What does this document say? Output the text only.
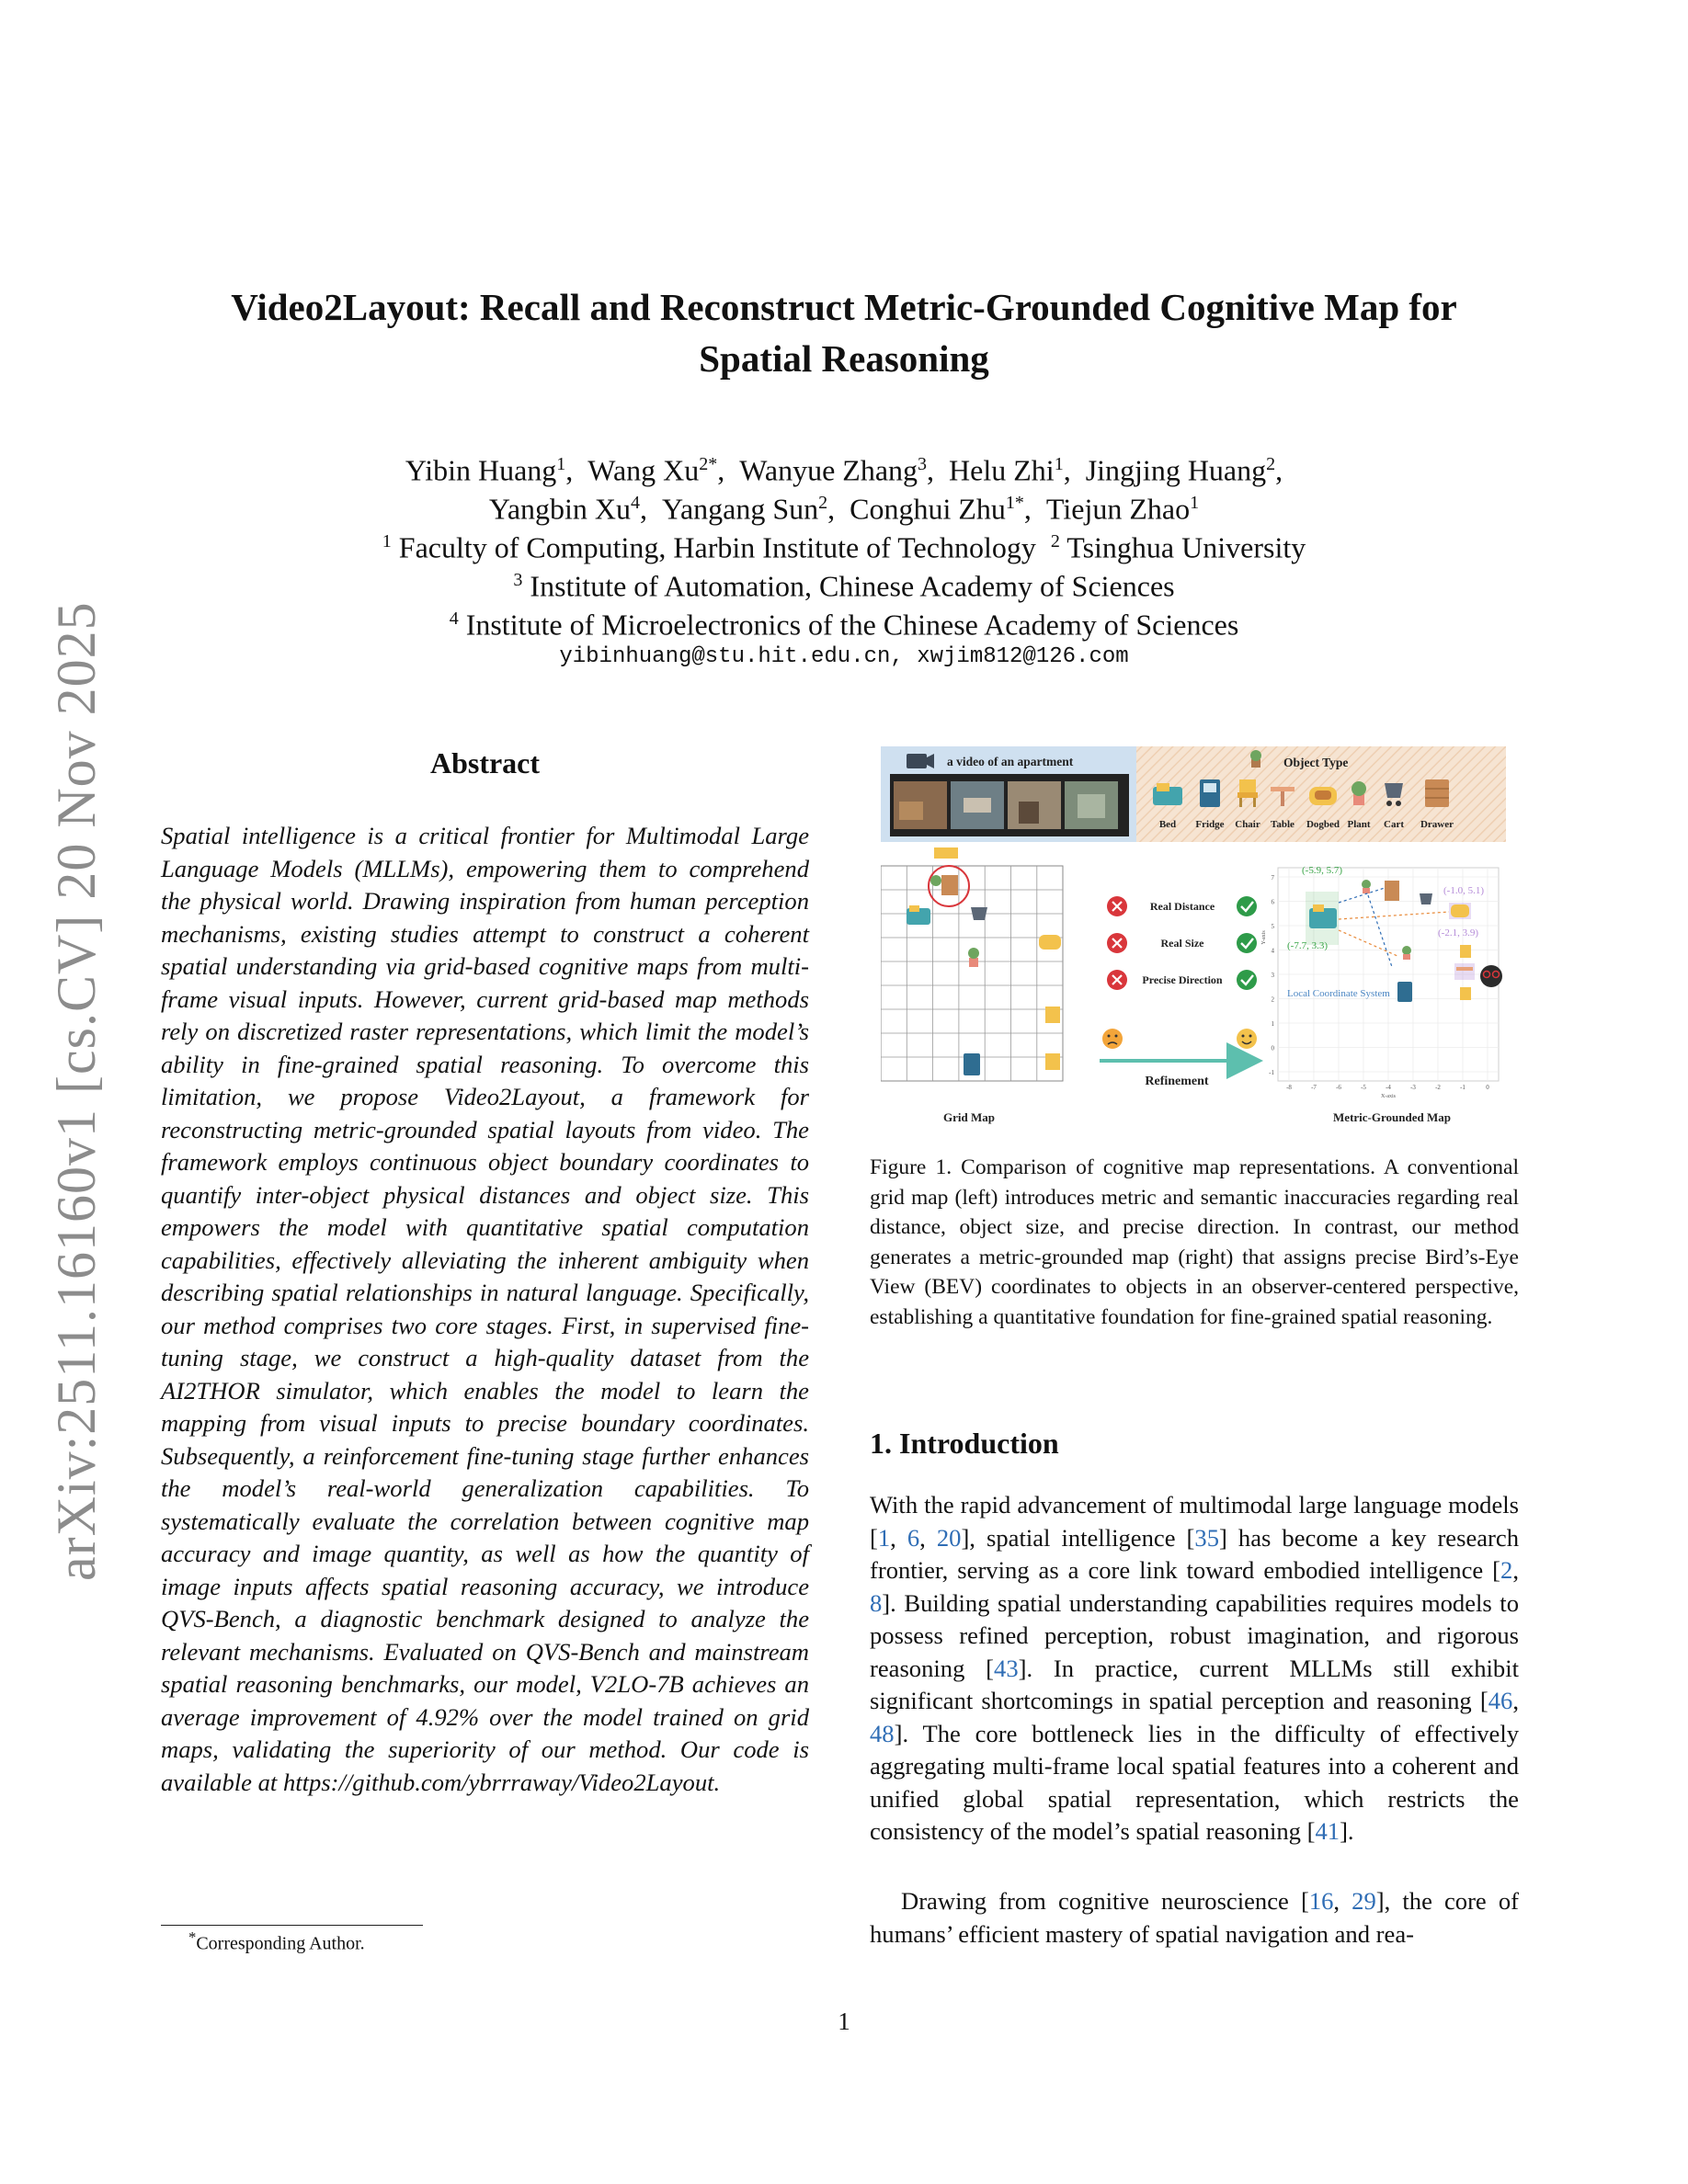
arXiv:2511.16160v1 [cs.CV] 20 Nov 2025
Video2Layout: Recall and Reconstruct Metric-Grounded Cognitive Map for
Spatial Reasoning
Yibin Huang$^1$,  Wang $Xu^{2*}$,  Wanyue Zhang$^3$,  Helu Zhi$^1$,  Jingjing Huang$^2$,
Yangbin Xu$^4$,  Yangang Sun$^2$,  Conghui Zhu$^{1*}$,  Tiejun Zhao$^1$
$^1$ Faculty of Computing, Harbin Institute of Technology $^2$ Tsinghua University
$^3$ Institute of Automation, Chinese Academy of Sciences
$^4$ Institute of Microelectronics of the Chinese Academy of Sciences
yibinhuang@stu.hit.edu.cn, xwjim812@126.com
Abstract
Spatial intelligence is a critical frontier for Multimodal Large Language Models (MLLMs), empowering them to comprehend the physical world. Drawing inspiration from human perception mechanisms, existing studies attempt to construct a coherent spatial understanding via grid-based cognitive maps from multi-frame visual inputs. However, current grid-based map methods rely on discretized raster representations, which limit the model’s ability in fine-grained spatial reasoning. To overcome this limitation, we propose Video2Layout, a framework for reconstructing metric-grounded spatial layouts from video. The framework employs continuous object boundary coordinates to quantify inter-object physical distances and object size. This empowers the model with quantitative spatial computation capabilities, effectively alleviating the inherent ambiguity when describing spatial relationships in natural language. Specifically, our method comprises two core stages. First, in supervised fine-tuning stage, we construct a high-quality dataset from the AI2THOR simulator, which enables the model to learn the mapping from visual inputs to precise boundary coordinates. Subsequently, a reinforcement fine-tuning stage further enhances the model’s real-world generalization capabilities. To systematically evaluate the correlation between cognitive map accuracy and image quantity, as well as how the quantity of image inputs affects spatial reasoning accuracy, we introduce QVS-Bench, a diagnostic benchmark designed to analyze the relevant mechanisms. Evaluated on QVS-Bench and mainstream spatial reasoning benchmarks, our model, V2LO-7B achieves an average improvement of 4.92% over the model trained on grid maps, validating the superiority of our method. Our code is available at https://github.com/ybrrraway/Video2Layout.
*Corresponding Author.
a video of an apartment	Object Type
Bed Fridge Chair Table Dogbed Plant Cart Drawer
Real Distance
Real Size
Precise Direction
Refinement
7
6
5
4
3
2
1
0
-1
-8	-7	-6	-5	-4	-3	-2	-1	0
X-axis
Y-axis
(-5.9, 5.7)
(-1.0, 5.1)
(-2.1, 3.9)
(-7.7, 3.3)
Local Coordinate System
Grid Map	Metric-Grounded Map
Figure 1. Comparison of cognitive map representations. A conventional grid map (left) introduces metric and semantic inaccuracies regarding real distance, object size, and precise direction. In contrast, our method generates a metric-grounded map (right) that assigns precise Bird’s-Eye View (BEV) coordinates to objects in an observer-centered perspective, establishing a quantitative foundation for fine-grained spatial reasoning.
1. Introduction
With the rapid advancement of multimodal large language models [1, 6, 20], spatial intelligence [35] has become a key research frontier, serving as a core link toward embodied intelligence [2, 8]. Building spatial understanding capabilities requires models to possess refined perception, robust imagination, and rigorous reasoning [43]. In practice, current MLLMs still exhibit significant shortcomings in spatial perception and reasoning [46, 48]. The core bottleneck lies in the difficulty of effectively aggregating multi-frame local spatial features into a coherent and unified global spatial representation, which restricts the consistency of the model’s spatial reasoning [41].
Drawing from cognitive neuroscience [16, 29], the core of humans’ efficient mastery of spatial navigation and rea-
1
